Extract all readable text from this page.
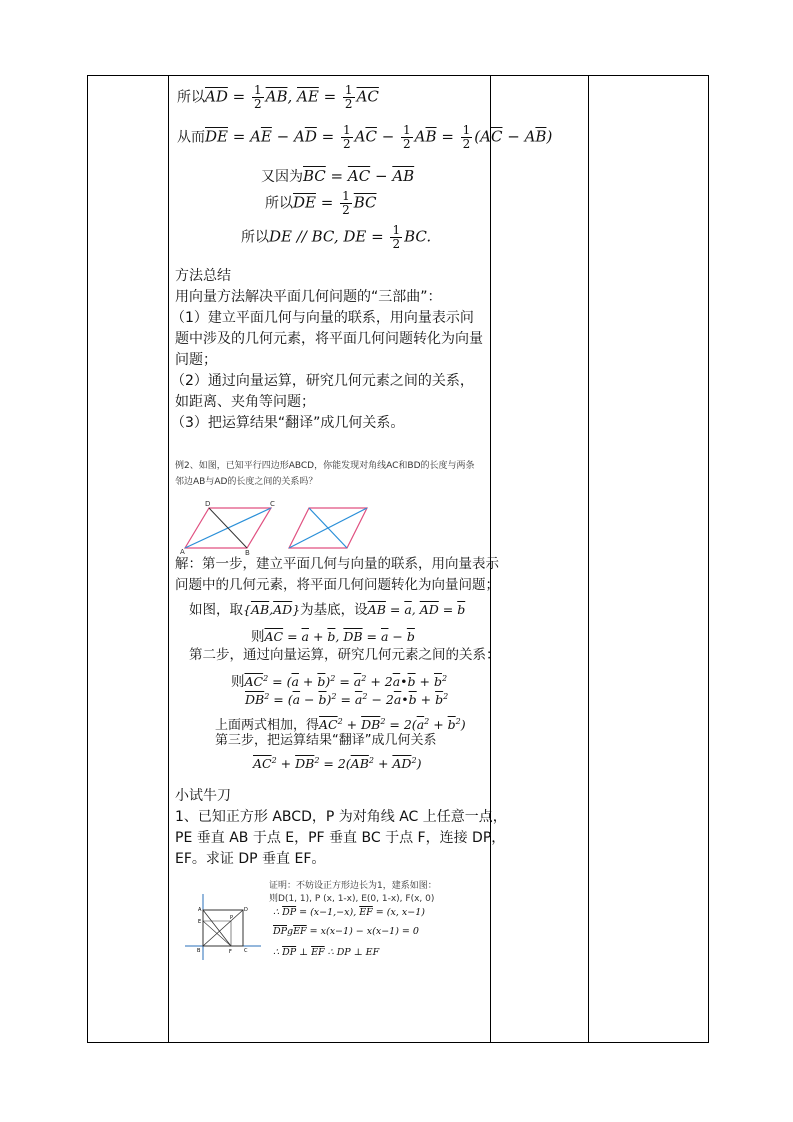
所以$\overline{AD} = \frac{1}{2} \overline{AB}$, $\overline{AE} = \frac{1}{2} \overline{AC}$
从而$\overline{DE} = A\overline{E} - A\overline{D} = \frac{1}{2} A\overline{C} - \frac{1}{2} A\overline{B} = \frac{1}{2} (A\overline{C} - A\overline{B})$
又因为$\overline{BC} = \overline{AC} - \overline{AB}$
所以$\overline{DE} = \frac{1}{2} \overline{BC}$
所以DE // BC, DE = $\frac{1}{2}$ BC.
方法总结
用向量方法解决平面几何问题的“三部曲”：
（1）建立平面几何与向量的联系，用向量表示问
题中涉及的几何元素，将平面几何问题转化为向量
问题；
（2）通过向量运算，研究几何元素之间的关系，
如距离、夹角等问题；
（3）把运算结果“翻译”成几何关系。
例2、如图，已知平行四边形ABCD，你能发现对角线AC和BD的长度与两条
邻边AB与AD的长度之间的关系吗？
A	B
C
D
解：第一步，建立平面几何与向量的联系，用向量表示
问题中的几何元素，将平面几何问题转化为向量问题；
如图，取$\{\overline{AB},\overline{AD}\}$为基底，设$\overline{AB} = \overline{a}$, $\overline{AD} = \overline{b}$
则$\overline{AC} = \overline{a} + \overline{b}$, $\overline{DB} = \overline{a} - \overline{b}$
第二步，通过向量运算，研究几何元素之间的关系：
则$\overline{AC}^2 = (\overline{a} + \overline{b})^2 = \overline{a}^2$ + $2\overline{a}•\overline{b} + \overline{b}^2$
$\overline{DB}^2 = (\overline{a} - \overline{b})^2 = \overline{a}^2$ − $2\overline{a}•\overline{b} + \overline{b}^2$
上面两式相加，得$\overline{AC}^2 + \overline{DB}^2 = 2(\overline{a}^2 + \overline{b}^2)$
第三步，把运算结果“翻译”成几何关系
$\overline{AC}^2 + \overline{DB}^2 = 2(\overline{AB}^2 + \overline{AD}^2)$
小试牛刀
1、已知正方形 ABCD，P 为对角线 AC 上任意一点，
PE 垂直 AB 于点 E，PF 垂直 BC 于点 F，连接 DP，
EF。求证 DP 垂直 EF。
A	D
C
B
E
P
F
证明：不妨设正方形边长为1，建系如图：
则D(1, 1), P (x, 1-x), E(0, 1-x), F(x, 0)
∴ $\overline{DP} = (x-1,-x)$, $\overline{EF} = (x$, x−1)
$\overline{DP}g\overline{EF} = x(x-1) - x(x-1) = 0$
∴ $\overline{DP}$ ⊥ $\overline{EF}$ ∴ DP ⊥ EF
